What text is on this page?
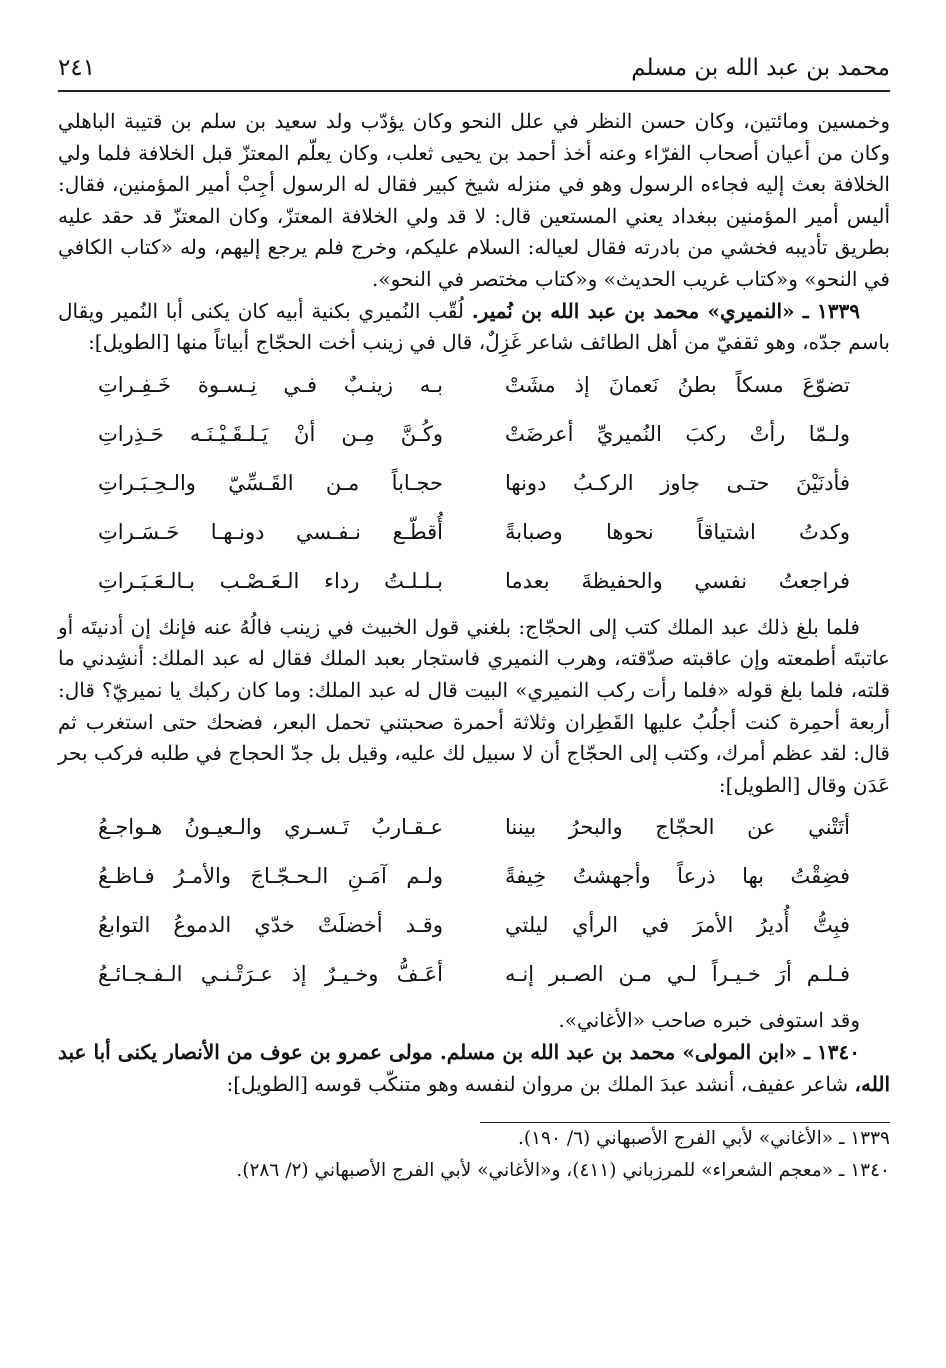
محمد بن عبد الله بن مسلم
٢٤١

وخمسين ومائتين، وكان حسن النظر في علل النحو وكان يؤدّب ولد سعيد بن سلم بن قتيبة الباهلي وكان من أعيان أصحاب الفرّاء وعنه أخذ أحمد بن يحيى ثعلب، وكان يعلّم المعتزّ قبل الخلافة فلما ولي الخلافة بعث إليه فجاءه الرسول وهو في منزله شيخ كبير فقال له الرسول أجِبْ أمير المؤمنين، فقال: أليس أمير المؤمنين ببغداد يعني المستعين قال: لا قد ولي الخلافة المعتزّ، وكان المعتزّ قد حقد عليه بطريق تأديبه فخشي من بادرته فقال لعياله: السلام عليكم، وخرج فلم يرجع إليهم، وله «كتاب الكافي في النحو» و«كتاب غريب الحديث» و«كتاب مختصر في النحو».

١٣٣٩ ـ «النميري» محمد بن عبد الله بن نُمير. لُقّب النُميري بكنية أبيه كان يكنى أبا النُمير ويقال باسم جدّه، وهو ثقفيّ من أهل الطائف شاعر غَزِلٌ، قال في زينب أخت الحجّاج أبياتاً منها [الطويل]:

تضوّعَ مسكاً بطنُ نَعمانَ إذ مشَتْ
بـه زينـبٌ فـي نِـسـوة خَـفِـراتِ
ولـمّا رأتْ ركبَ النُميريِّ أعرضَتْ
وكُـنَّ مِـن أنْ يَـلـقَـيْـنَـه حَـذِراتِ
فأدنَيْنَ حتـى جاوز الركـبُ دونها
حجـاباً مـن القَـسِّيّ والـحِـبَـراتِ
وكدتُ اشتياقاً نحوها وصبابةً
أُقطّـع نـفـسي دونـهـا حَـسَـراتِ
فراجعتُ نفسي والحفيظةَ بعدما
بـلـلـتُ رداء الـعَـصْـب بـالـعَـبَـراتِ

فلما بلغ ذلك عبد الملك كتب إلى الحجّاج: بلغني قول الخبيث في زينب فالُهُ عنه فإنك إن أدنيتَه أو عاتبتَه أطمعته وإن عاقبته صدّقته، وهرب النميري فاستجار بعبد الملك فقال له عبد الملك: أنشِدني ما قلته، فلما بلغ قوله «فلما رأت ركب النميري» البيت قال له عبد الملك: وما كان ركبك يا نميريّ؟ قال: أربعة أحمِرة كنت أجلُبُ عليها القَطِران وثلاثة أحمرة صحبتني تحمل البعر، فضحك حتى استغرب ثم قال: لقد عظم أمرك، وكتب إلى الحجّاج أن لا سبيل لك عليه، وقيل بل جدّ الحجاج في طلبه فركب بحر عَدَن وقال [الطويل]:

أتَتْني عن الحجّاج والبحرُ بيننا
عـقـاربُ تَـسـري والـعيـونُ هـواجـعُ
فضِقْتُ بها ذرعاً وأجهشتُ خِيفةً
ولـم آمَـنِ الـحـجّـاجَ والأمـرُ فـاظـعُ
فبِتُّ أُديرُ الأمرَ في الرأي ليلتي
وقـد أخضلَتْ خدّي الدموعُ التوابعُ
فـلـم أرَ خـيـراً لـي مـن الصـبر إنـه
أعَـفُّ وخـيـرٌ إذ عـرَتْـنـي الـفـجـائـعُ

وقد استوفى خبره صاحب «الأغاني».

١٣٤٠ ـ «ابن المولى» محمد بن عبد الله بن مسلم. مولى عمرو بن عوف من الأنصار يكنى أبا عبد الله، شاعر عفيف، أنشد عبدَ الملك بن مروان لنفسه وهو متنكّب قوسه [الطويل]:

١٣٣٩ ـ «الأغاني» لأبي الفرج الأصبهاني (٦/ ١٩٠).
١٣٤٠ ـ «معجم الشعراء» للمرزباني (٤١١)، و«الأغاني» لأبي الفرج الأصبهاني (٢/ ٢٨٦).
